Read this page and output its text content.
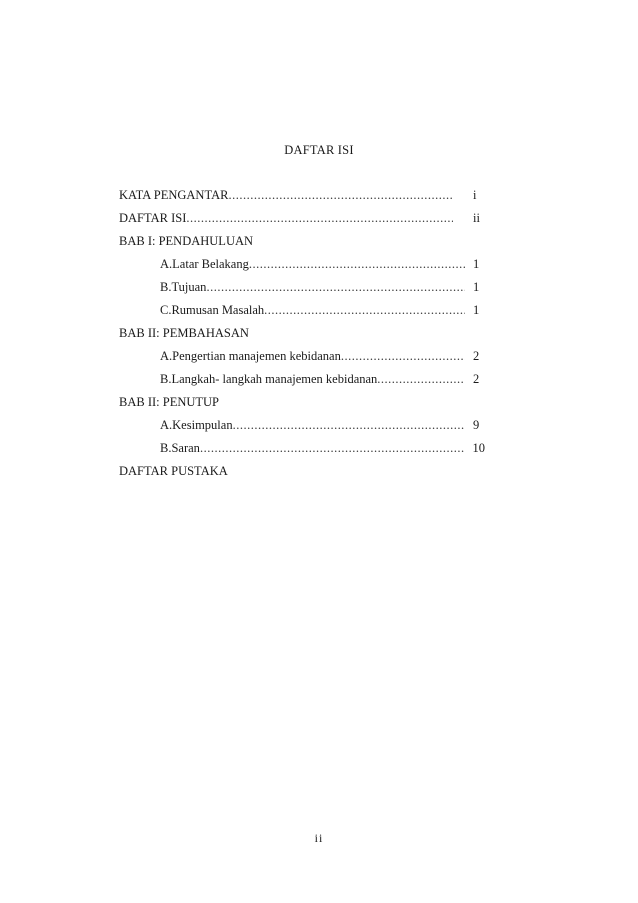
DAFTAR ISI
KATA PENGANTAR .....	i
DAFTAR ISI .....	ii
BAB I: PENDAHULUAN
A. Latar Belakang .....	1
B. Tujuan .....	1
C. Rumusan Masalah .....	1
BAB II: PEMBAHASAN
A. Pengertian manajemen kebidanan .....	2
B. Langkah- langkah manajemen kebidanan .....	2
BAB II: PENUTUP
A. Kesimpulan .....	9
B. Saran .....	10
DAFTAR PUSTAKA
ii
